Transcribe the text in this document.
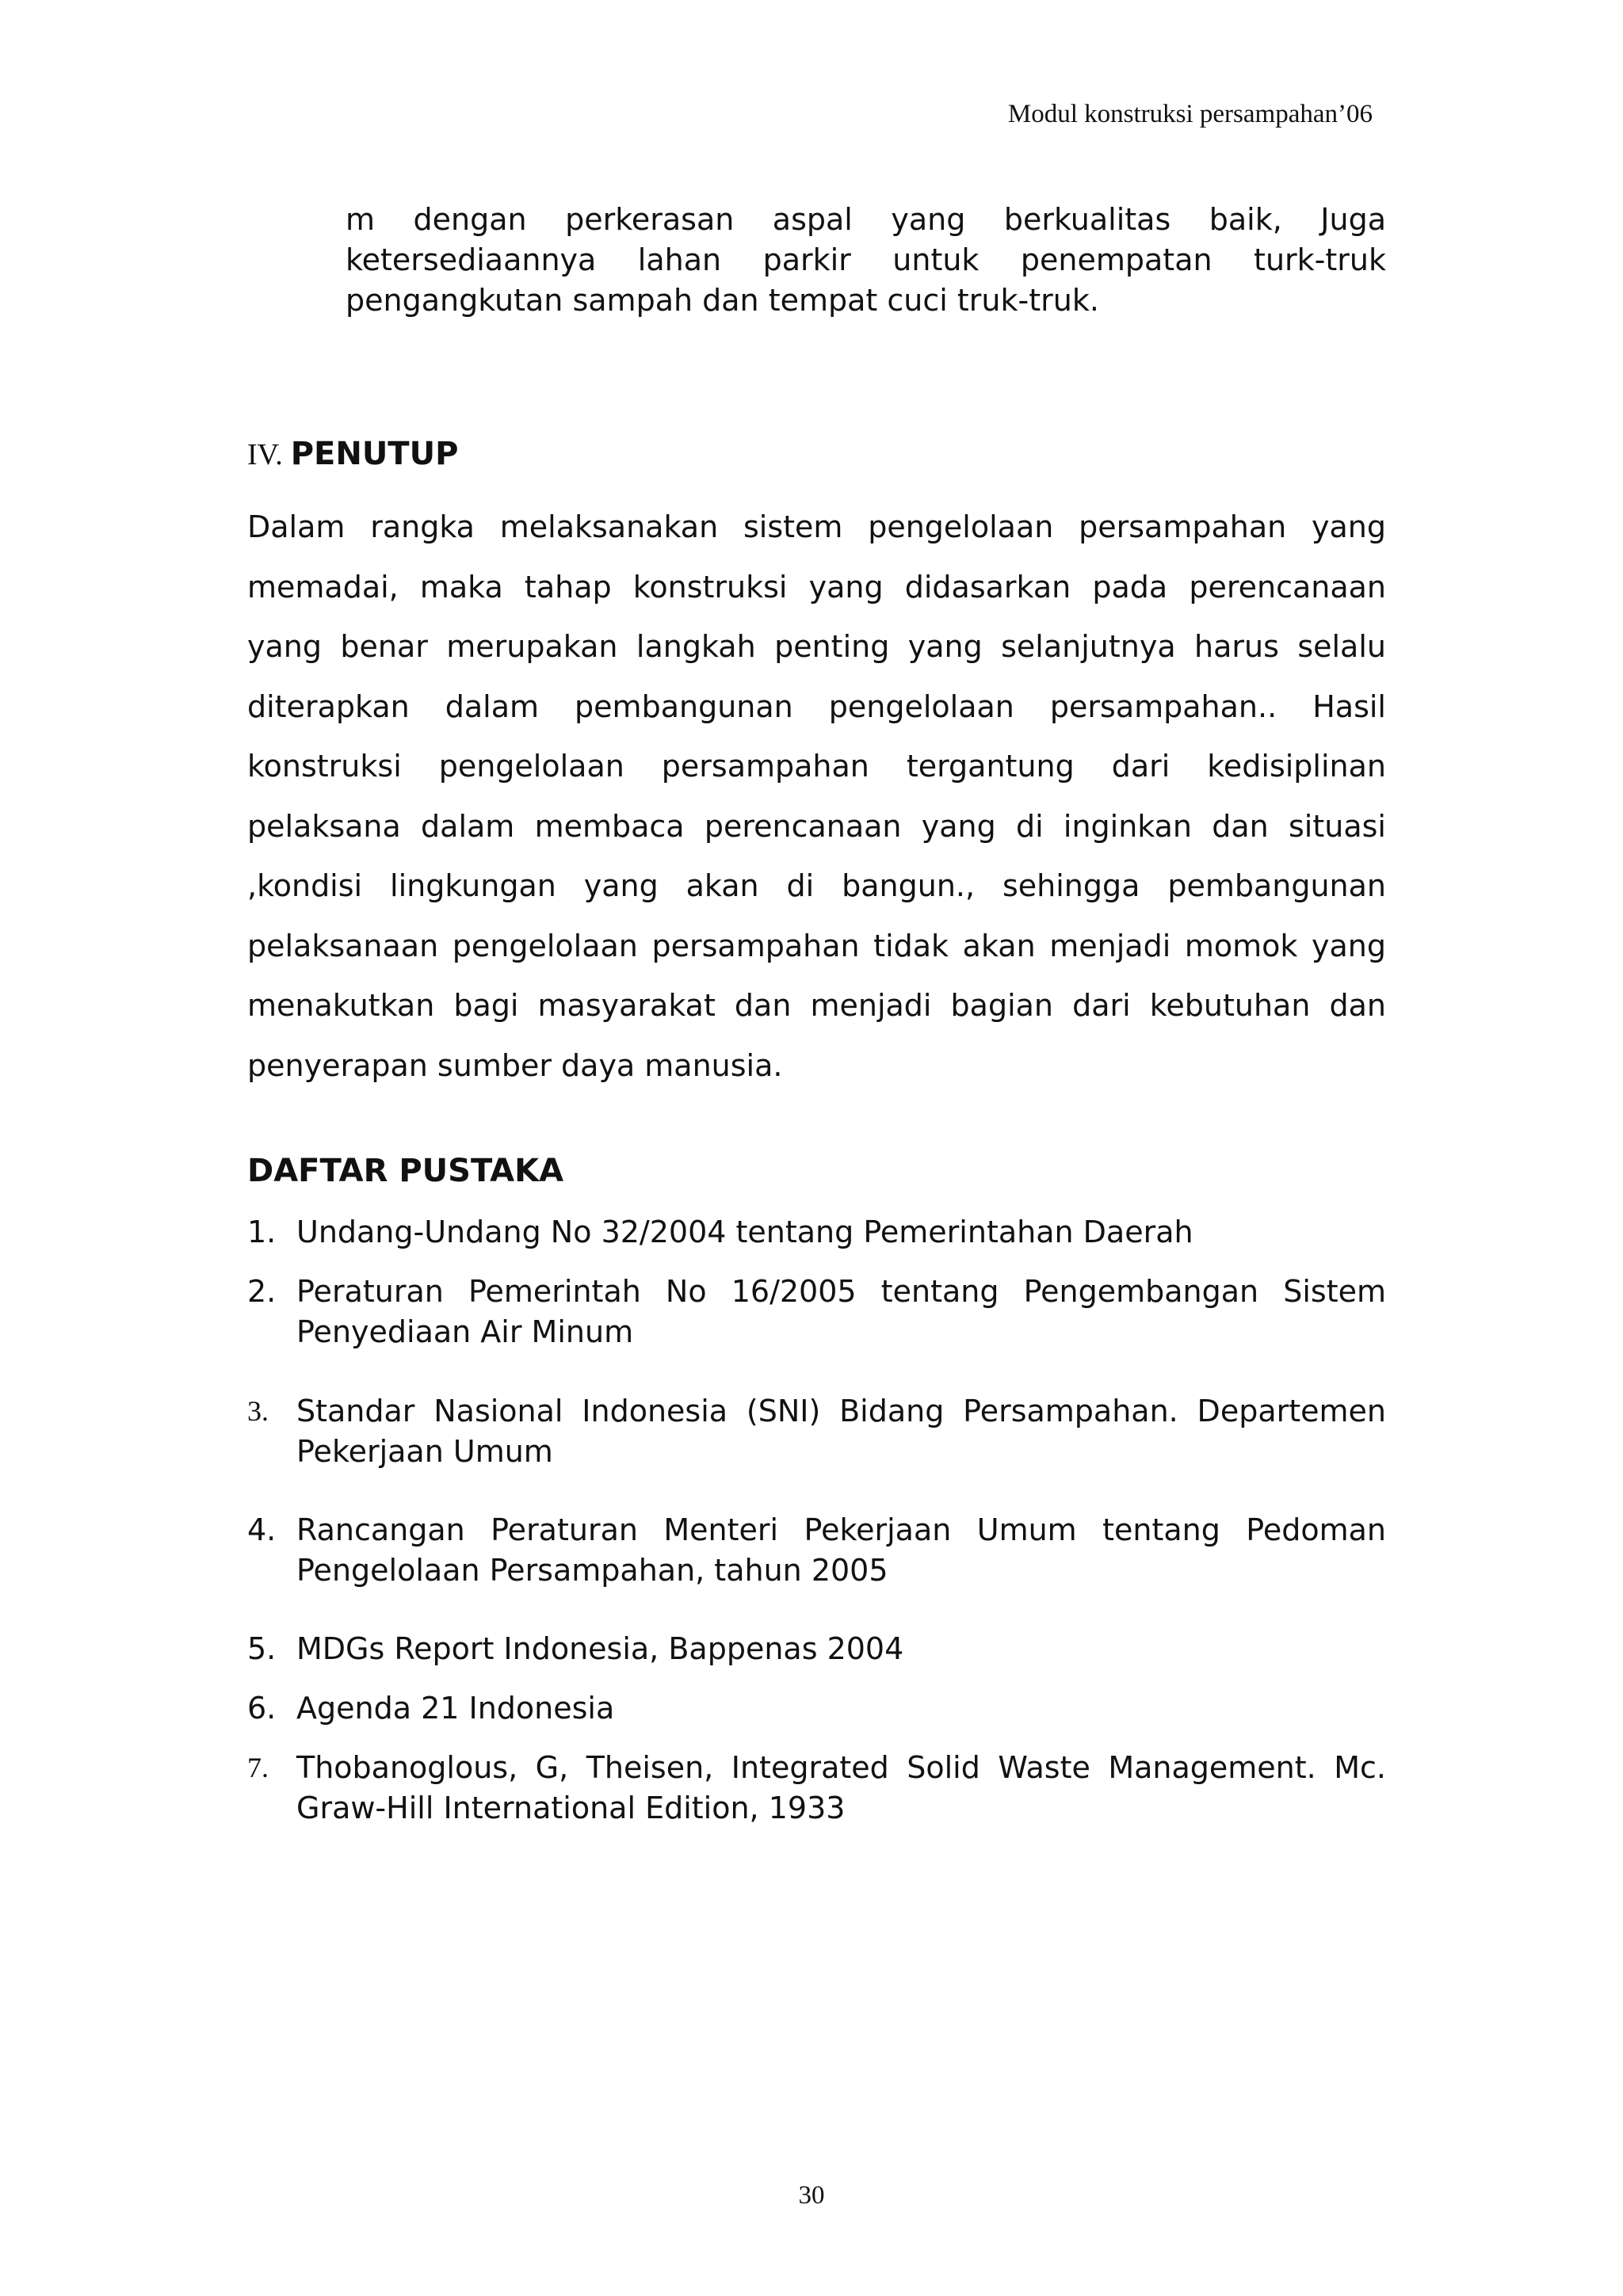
Modul konstruksi persampahan’06
m dengan perkerasan aspal yang berkualitas baik, Juga ketersediaannya lahan parkir untuk penempatan turk-truk pengangkutan sampah dan tempat cuci truk-truk.
IV. PENUTUP

Dalam rangka melaksanakan sistem pengelolaan persampahan yang memadai, maka tahap konstruksi yang didasarkan pada perencanaan yang benar merupakan langkah penting yang selanjutnya harus selalu diterapkan dalam pembangunan pengelolaan persampahan.. Hasil konstruksi pengelolaan persampahan tergantung dari kedisiplinan pelaksana dalam membaca perencanaan yang di inginkan dan situasi ,kondisi lingkungan yang akan di bangun., sehingga pembangunan pelaksanaan pengelolaan persampahan tidak akan menjadi momok yang menakutkan bagi masyarakat dan menjadi bagian dari kebutuhan dan penyerapan sumber daya manusia.

DAFTAR PUSTAKA
1. Undang-Undang No 32/2004 tentang Pemerintahan Daerah
2. Peraturan Pemerintah No 16/2005 tentang Pengembangan Sistem Penyediaan Air Minum
3. Standar Nasional Indonesia (SNI) Bidang Persampahan. Departemen Pekerjaan Umum
4. Rancangan Peraturan Menteri Pekerjaan Umum tentang Pedoman Pengelolaan Persampahan, tahun 2005
5. MDGs Report Indonesia, Bappenas 2004
6. Agenda 21 Indonesia
7. Thobanoglous, G, Theisen, Integrated Solid Waste Management. Mc. Graw-Hill International Edition, 1933
30
